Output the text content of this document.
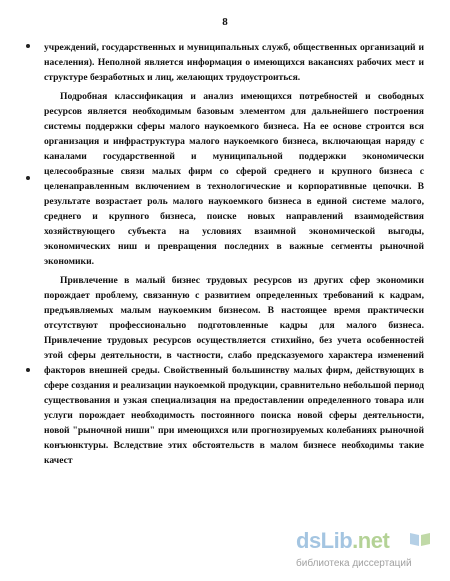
8

учреждений, государственных и муниципальных служб, общественных организаций и населения). Неполной является информация о имеющихся вакансиях рабочих мест и структуре безработных и лиц, желающих трудоустроиться.

Подробная классификация и анализ имеющихся потребностей и свободных ресурсов является необходимым базовым элементом для дальнейшего построения системы поддержки сферы малого наукоемкого бизнеса. На ее основе строится вся организация и инфраструктура малого наукоемкого бизнеса, включающая наряду с каналами государственной и муниципальной поддержки экономически целесообразные связи малых фирм со сферой среднего и крупного бизнеса с целенаправленным включением в технологические и корпоративные цепочки. В результате возрастает роль малого наукоемкого бизнеса в единой системе малого, среднего и крупного бизнеса, поиске новых направлений взаимодействия хозяйствующего субъекта на условиях взаимной экономической выгоды, экономических ниш и превращения последних в важные сегменты рыночной экономики.

Привлечение в малый бизнес трудовых ресурсов из других сфер экономики порождает проблему, связанную с развитием определенных требований к кадрам, предъявляемых малым наукоемким бизнесом. В настоящее время практически отсутствуют профессионально подготовленные кадры для малого бизнеса. Привлечение трудовых ресурсов осуществляется стихийно, без учета особенностей этой сферы деятельности, в частности, слабо предсказуемого характера изменений факторов внешней среды. Свойственный большинству малых фирм, действующих в сфере создания и реализации наукоемкой продукции, сравнительно небольшой период существования и узкая специализация на предоставлении определенного товара или услуги порождает необходимость постоянного поиска новой сферы деятельности, новой "рыночной ниши" при имеющихся или прогнозируемых колебаниях рыночной конъюнктуры. Вследствие этих обстоятельств в малом бизнесе необходимы такие качест

dsLib.net
библиотека диссертаций
